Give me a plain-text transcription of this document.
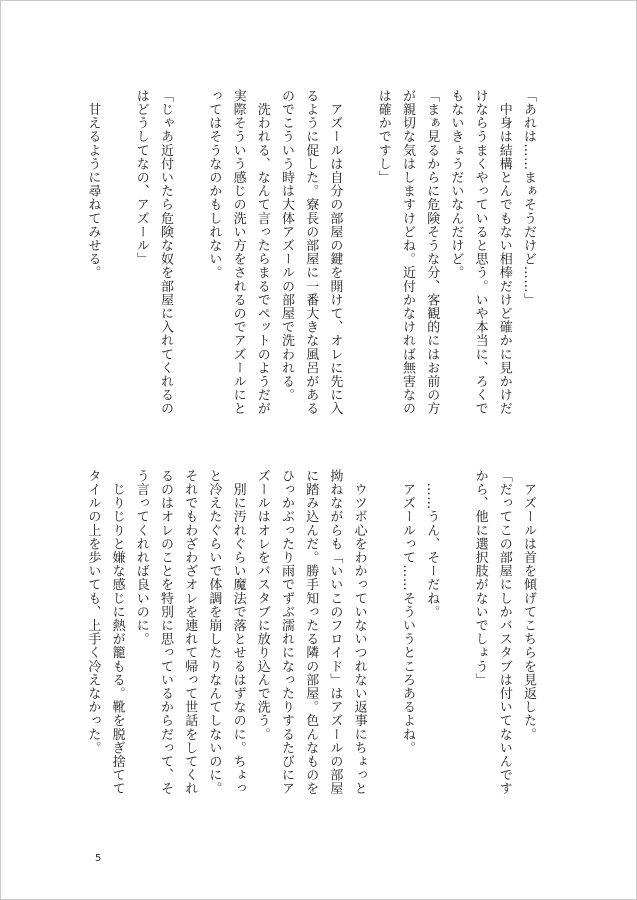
「あれは……まぁそうだけど……」
　中身は結構とんでもない相棒だけど確かに見かけだ
けならうまくやっていると思う。いや本当に、ろくで
もないきょうだいなんだけど。
「まぁ見るからに危険そうな分、客観的にはお前の方
が親切な気はしますけどね。近付かなければ無害なの
は確かですし」
　アズールは自分の部屋の鍵を開けて、オレに先に入
るように促した。寮長の部屋に一番大きな風呂がある
のでこういう時は大体アズールの部屋で洗われる。
　洗われる、なんて言ったらまるでペットのようだが
実際そういう感じの洗い方をされるのでアズールにと
ってはそうなのかもしれない。
「じゃあ近付いたら危険な奴を部屋に入れてくれるの
はどうしてなの、アズール」
　甘えるように尋ねてみせる。
　アズールは首を傾げてこちらを見返した。
「だってこの部屋にしかバスタブは付いてないんです
から、他に選択肢がないでしょう」
　……うん、そーだね。
　アズールって……そういうところあるよね。
　ウツボ心をわかっていないつれない返事にちょっと
拗ねながらも「いいこのフロイド」はアズールの部屋
に踏み込んだ。勝手知ったる隣の部屋。色んなものを
ひっかぶったり雨でずぶ濡れになったりするたびにア
ズールはオレをバスタブに放り込んで洗う。
　別に汚れぐらい魔法で落とせるはずなのに。ちょっ
と冷えたぐらいで体調を崩したりなんてしないのに。
それでもわざわざオレを連れて帰って世話をしてくれ
るのはオレのことを特別に思っているからだって、そ
う言ってくれれば良いのに。
　じりじりと嫌な感じに熱が籠もる。靴を脱ぎ捨てて
タイルの上を歩いても、上手く冷えなかった。
5
